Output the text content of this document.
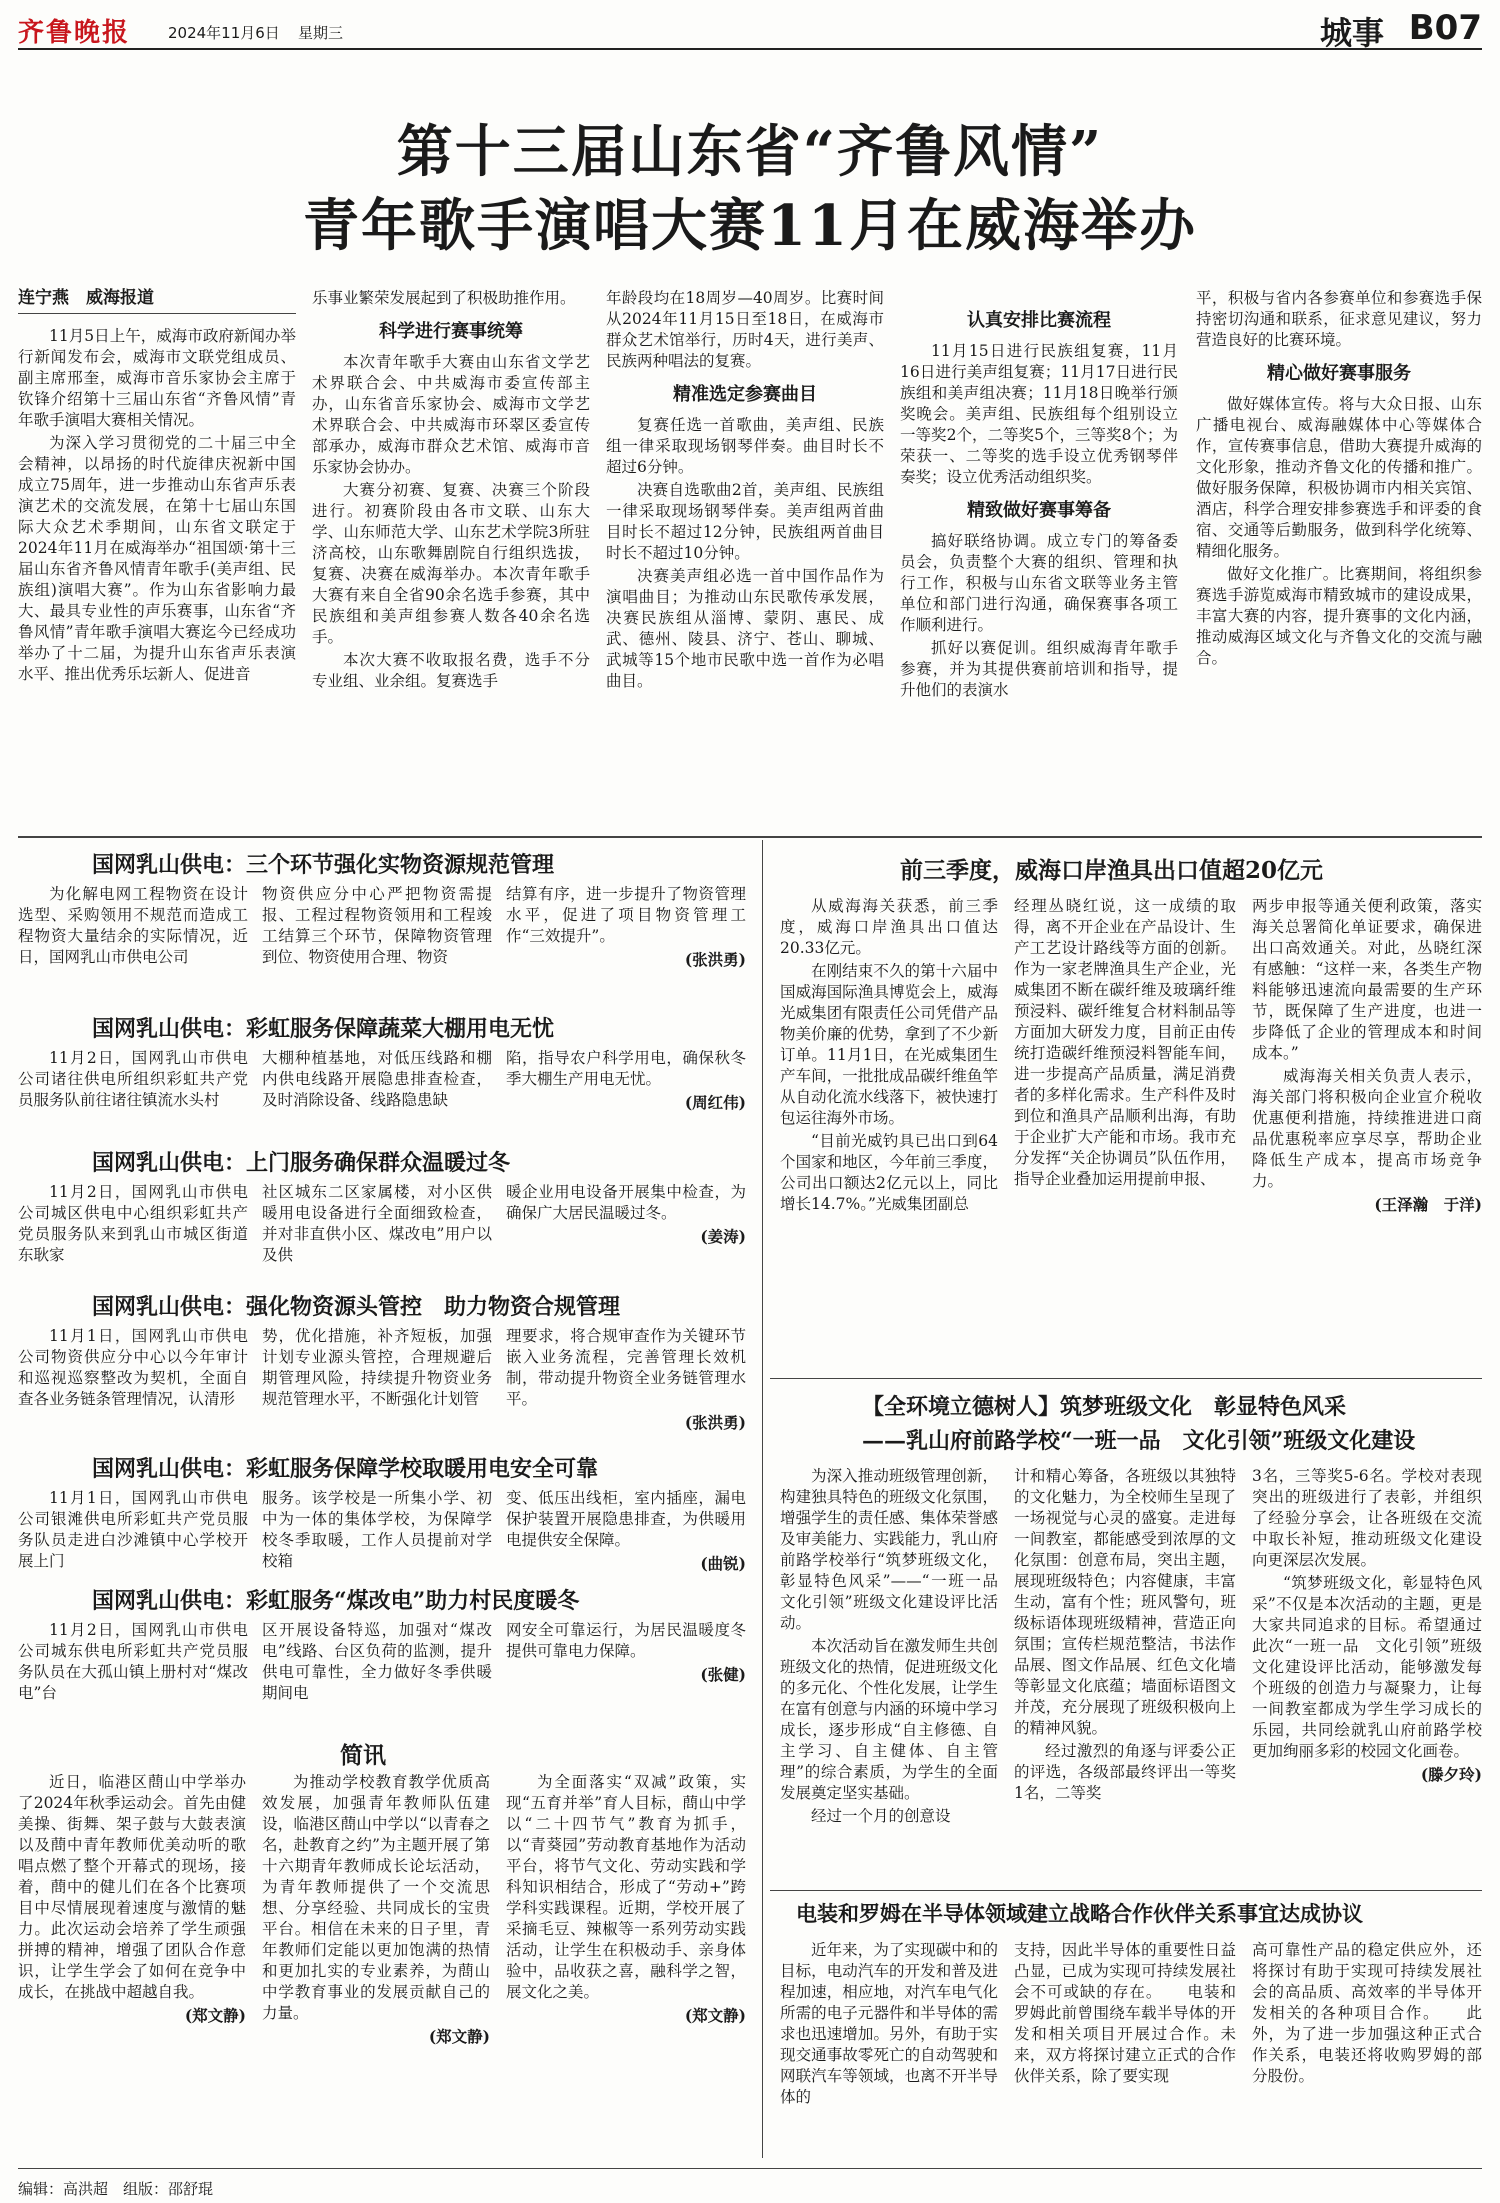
齐鲁晚报	2024年11月6日 星期三	城事 B07
第十三届山东省“齐鲁风情”
青年歌手演唱大赛11月在威海举办
连宁燕　威海报道

11月5日上午，威海市政府新闻办举行新闻发布会，威海市文联党组成员、副主席邢奎，威海市音乐家协会主席于钦锋介绍第十三届山东省“齐鲁风情”青年歌手演唱大赛相关情况。

为深入学习贯彻党的二十届三中全会精神，以昂扬的时代旋律庆祝新中国成立75周年，进一步推动山东省声乐表演艺术的交流发展，在第十七届山东国际大众艺术季期间，山东省文联定于2024年11月在威海举办“祖国颂·第十三届山东省齐鲁风情青年歌手(美声组、民族组)演唱大赛”。作为山东省影响力最大、最具专业性的声乐赛事，山东省“齐鲁风情”青年歌手演唱大赛迄今已经成功举办了十二届，为提升山东省声乐表演水平、推出优秀乐坛新人、促进音

乐事业繁荣发展起到了积极助推作用。

科学进行赛事统筹

本次青年歌手大赛由山东省文学艺术界联合会、中共威海市委宣传部主办，山东省音乐家协会、威海市文学艺术界联合会、中共威海市环翠区委宣传部承办，威海市群众艺术馆、威海市音乐家协会协办。

大赛分初赛、复赛、决赛三个阶段进行。初赛阶段由各市文联、山东大学、山东师范大学、山东艺术学院3所驻济高校，山东歌舞剧院自行组织选拔，复赛、决赛在威海举办。本次青年歌手大赛有来自全省90余名选手参赛，其中民族组和美声组参赛人数各40余名选手。

本次大赛不收取报名费，选手不分专业组、业余组。复赛选手

年龄段均在18周岁—40周岁。比赛时间从2024年11月15日至18日，在威海市群众艺术馆举行，历时4天，进行美声、民族两种唱法的复赛。

精准选定参赛曲目

复赛任选一首歌曲，美声组、民族组一律采取现场钢琴伴奏。曲目时长不超过6分钟。

决赛自选歌曲2首，美声组、民族组一律采取现场钢琴伴奏。美声组两首曲目时长不超过12分钟，民族组两首曲目时长不超过10分钟。

决赛美声组必选一首中国作品作为演唱曲目；为推动山东民歌传承发展，决赛民族组从淄博、蒙阴、惠民、成武、德州、陵县、济宁、苍山、聊城、武城等15个地市民歌中选一首作为必唱曲目。

认真安排比赛流程

11月15日进行民族组复赛，11月16日进行美声组复赛；11月17日进行民族组和美声组决赛；11月18日晚举行颁奖晚会。美声组、民族组每个组别设立一等奖2个，二等奖5个，三等奖8个；为荣获一、二等奖的选手设立优秀钢琴伴奏奖；设立优秀活动组织奖。

精致做好赛事筹备

搞好联络协调。成立专门的筹备委员会，负责整个大赛的组织、管理和执行工作，积极与山东省文联等业务主管单位和部门进行沟通，确保赛事各项工作顺利进行。

抓好以赛促训。组织威海青年歌手参赛，并为其提供赛前培训和指导，提升他们的表演水

平，积极与省内各参赛单位和参赛选手保持密切沟通和联系，征求意见建议，努力营造良好的比赛环境。

精心做好赛事服务

做好媒体宣传。将与大众日报、山东广播电视台、威海融媒体中心等媒体合作，宣传赛事信息，借助大赛提升威海的文化形象，推动齐鲁文化的传播和推广。做好服务保障，积极协调市内相关宾馆、酒店，科学合理安排参赛选手和评委的食宿、交通等后勤服务，做到科学化统筹、精细化服务。

做好文化推广。比赛期间，将组织参赛选手游览威海市精致城市的建设成果，丰富大赛的内容，提升赛事的文化内涵，推动威海区域文化与齐鲁文化的交流与融合。

国网乳山供电：三个环节强化实物资源规范管理

为化解电网工程物资在设计选型、采购领用不规范而造成工程物资大量结余的实际情况，近日，国网乳山市供电公司

物资供应分中心严把物资需提报、工程过程物资领用和工程竣工结算三个环节，保障物资管理到位、物资使用合理、物资

结算有序，进一步提升了物资管理水平，促进了项目物资管理工作“三效提升”。

(张洪勇)

国网乳山供电：彩虹服务保障蔬菜大棚用电无忧

11月2日，国网乳山市供电公司诸往供电所组织彩虹共产党员服务队前往诸往镇流水头村

大棚种植基地，对低压线路和棚内供电线路开展隐患排查检查，及时消除设备、线路隐患缺

陷，指导农户科学用电，确保秋冬季大棚生产用电无忧。

(周红伟)

国网乳山供电：上门服务确保群众温暖过冬

11月2日，国网乳山市供电公司城区供电中心组织彩虹共产党员服务队来到乳山市城区街道东耿家

社区城东二区家属楼，对小区供暖用电设备进行全面细致检查，并对非直供小区、煤改电”用户以及供

暖企业用电设备开展集中检查，为确保广大居民温暖过冬。

(姜涛)

国网乳山供电：强化物资源头管控　助力物资合规管理

11月1日，国网乳山市供电公司物资供应分中心以今年审计和巡视巡察整改为契机，全面自查各业务链条管理情况，认清形

势，优化措施，补齐短板，加强计划专业源头管控，合理规避后期管理风险，持续提升物资业务规范管理水平，不断强化计划管

理要求，将合规审查作为关键环节嵌入业务流程，完善管理长效机制，带动提升物资全业务链管理水平。

(张洪勇)

国网乳山供电：彩虹服务保障学校取暖用电安全可靠

11月1日，国网乳山市供电公司银滩供电所彩虹共产党员服务队员走进白沙滩镇中心学校开展上门

服务。该学校是一所集小学、初中为一体的集体学校，为保障学校冬季取暖，工作人员提前对学校箱

变、低压出线柜，室内插座，漏电保护装置开展隐患排查，为供暖用电提供安全保障。

(曲锐)

国网乳山供电：彩虹服务“煤改电”助力村民度暖冬

11月2日，国网乳山市供电公司城东供电所彩虹共产党员服务队员在大孤山镇上册村对“煤改电”台

区开展设备特巡，加强对“煤改电”线路、台区负荷的监测，提升供电可靠性，全力做好冬季供暖期间电

网安全可靠运行，为居民温暖度冬提供可靠电力保障。

(张健)

简讯

近日，临港区蔄山中学举办了2024年秋季运动会。首先由健美操、街舞、架子鼓与大鼓表演以及蔄中青年教师优美动听的歌唱点燃了整个开幕式的现场，接着，蔄中的健儿们在各个比赛项目中尽情展现着速度与激情的魅力。此次运动会培养了学生顽强拼搏的精神，增强了团队合作意识，让学生学会了如何在竞争中成长，在挑战中超越自我。

(郑文静)

为推动学校教育教学优质高效发展，加强青年教师队伍建设，临港区蔄山中学以“以青春之名，赴教育之约”为主题开展了第十六期青年教师成长论坛活动，为青年教师提供了一个交流思想、分享经验、共同成长的宝贵平台。相信在未来的日子里，青年教师们定能以更加饱满的热情和更加扎实的专业素养，为蔄山中学教育事业的发展贡献自己的力量。

(郑文静)

为全面落实“双减”政策，实现“五育并举”育人目标，蔄山中学以“二十四节气”教育为抓手，以“青葵园”劳动教育基地作为活动平台，将节气文化、劳动实践和学科知识相结合，形成了“劳动+”跨学科实践课程。近期，学校开展了采摘毛豆、辣椒等一系列劳动实践活动，让学生在积极动手、亲身体验中，品收获之喜，融科学之智，展文化之美。

(郑文静)

前三季度，威海口岸渔具出口值超20亿元

从威海海关获悉，前三季度，威海口岸渔具出口值达20.33亿元。

在刚结束不久的第十六届中国威海国际渔具博览会上，威海光威集团有限责任公司凭借产品物美价廉的优势，拿到了不少新订单。11月1日，在光威集团生产车间，一批批成品碳纤维鱼竿从自动化流水线落下，被快速打包运往海外市场。

“目前光威钓具已出口到64个国家和地区，今年前三季度，公司出口额达2亿元以上，同比增长14.7%。”光威集团副总

经理丛晓红说，这一成绩的取得，离不开企业在产品设计、生产工艺设计路线等方面的创新。作为一家老牌渔具生产企业，光威集团不断在碳纤维及玻璃纤维预浸料、碳纤维复合材料制品等方面加大研发力度，目前正由传统打造碳纤维预浸料智能车间，进一步提高产品质量，满足消费者的多样化需求。生产科件及时到位和渔具产品顺利出海，有助于企业扩大产能和市场。我市充分发挥“关企协调员”队伍作用，指导企业叠加运用提前申报、

两步申报等通关便利政策，落实海关总署简化单证要求，确保进出口高效通关。对此，丛晓红深有感触：“这样一来，各类生产物料能够迅速流向最需要的生产环节，既保障了生产进度，也进一步降低了企业的管理成本和时间成本。”

威海海关相关负责人表示，海关部门将积极向企业宣介税收优惠便利措施，持续推进进口商品优惠税率应享尽享，帮助企业降低生产成本，提高市场竞争力。

(王泽瀚　于洋)

【全环境立德树人】筑梦班级文化　彰显特色风采
——乳山府前路学校“一班一品　文化引领”班级文化建设

为深入推动班级管理创新，构建独具特色的班级文化氛围，增强学生的责任感、集体荣誉感及审美能力、实践能力，乳山府前路学校举行“筑梦班级文化，彰显特色风采”——“一班一品　文化引领”班级文化建设评比活动。

本次活动旨在激发师生共创班级文化的热情，促进班级文化的多元化、个性化发展，让学生在富有创意与内涵的环境中学习成长，逐步形成“自主修德、自主学习、自主健体、自主管理”的综合素质，为学生的全面发展奠定坚实基础。

经过一个月的创意设

计和精心筹备，各班级以其独特的文化魅力，为全校师生呈现了一场视觉与心灵的盛宴。走进每一间教室，都能感受到浓厚的文化氛围：创意布局，突出主题，展现班级特色；内容健康，丰富生动，富有个性；班风警句，班级标语体现班级精神，营造正向氛围；宣传栏规范整洁，书法作品展、图文作品展、红色文化墙等彰显文化底蕴；墙面标语图文并茂，充分展现了班级积极向上的精神风貌。

经过激烈的角逐与评委公正的评选，各级部最终评出一等奖1名，二等奖

3名，三等奖5-6名。学校对表现突出的班级进行了表彰，并组织了经验分享会，让各班级在交流中取长补短，推动班级文化建设向更深层次发展。

“筑梦班级文化，彰显特色风采”不仅是本次活动的主题，更是大家共同追求的目标。希望通过此次“一班一品　文化引领”班级文化建设评比活动，能够激发每个班级的创造力与凝聚力，让每一间教室都成为学生学习成长的乐园，共同绘就乳山府前路学校更加绚丽多彩的校园文化画卷。

(滕夕玲)

电装和罗姆在半导体领域建立战略合作伙伴关系事宜达成协议

近年来，为了实现碳中和的目标，电动汽车的开发和普及进程加速，相应地，对汽车电气化所需的电子元器件和半导体的需求也迅速增加。另外，有助于实现交通事故零死亡的自动驾驶和网联汽车等领域，也离不开半导体的

支持，因此半导体的重要性日益凸显，已成为实现可持续发展社会不可或缺的存在。　　电装和罗姆此前曾围绕车载半导体的开发和相关项目开展过合作。未来，双方将探讨建立正式的合作伙伴关系，除了要实现

高可靠性产品的稳定供应外，还将探讨有助于实现可持续发展社会的高品质、高效率的半导体开发相关的各种项目合作。　　此外，为了进一步加强这种正式合作关系，电装还将收购罗姆的部分股份。

编辑：高洪超　组版：邵舒琨
